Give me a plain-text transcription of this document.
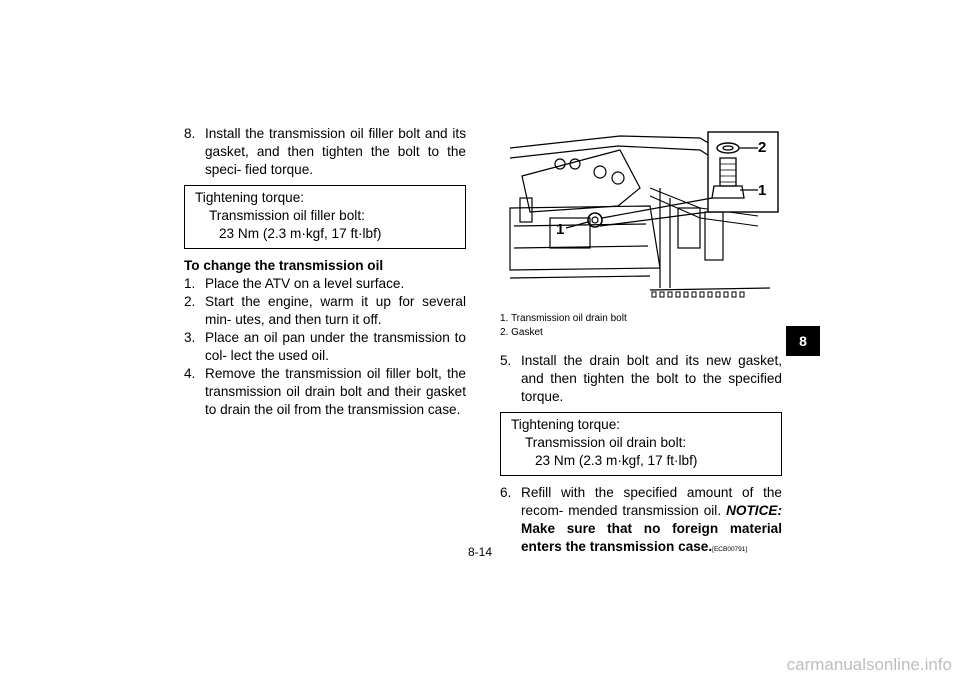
8. Install the transmission oil filler bolt and its gasket, and then tighten the bolt to the speci- fied torque.
Tightening torque:
Transmission oil filler bolt:
23 Nm (2.3 m·kgf, 17 ft·lbf)
To change the transmission oil
1. Place the ATV on a level surface.
2. Start the engine, warm it up for several min- utes, and then turn it off.
3. Place an oil pan under the transmission to col- lect the used oil.
4. Remove the transmission oil filler bolt, the transmission oil drain bolt and their gasket to drain the oil from the transmission case.
2
1
1
1. Transmission oil drain bolt
2. Gasket
5. Install the drain bolt and its new gasket, and then tighten the bolt to the specified torque.
Tightening torque:
Transmission oil drain bolt:
23 Nm (2.3 m·kgf, 17 ft·lbf)
6. Refill with the specified amount of the recom- mended transmission oil. NOTICE: Make sure that no foreign material enters the transmission case.[ECB00791]
8
8-14
carmanualsonline.info
